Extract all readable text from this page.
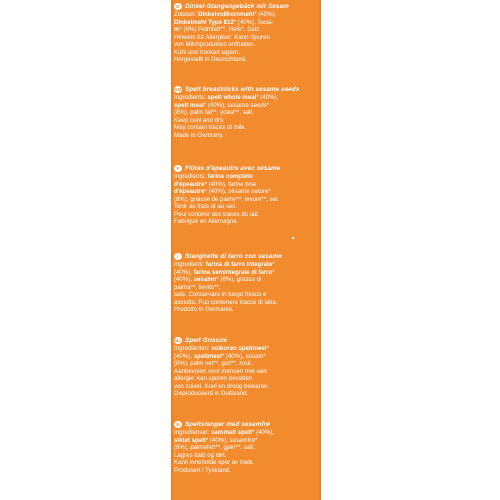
D Dinkel-Stangengebäck mit Sesam
Zutaten: Dinkelvollkornmehl* (40%),
Dinkelmehl Type 812* (40%), Sesa-
m* (8%) Palmfett**, Hefe*, Salz.
Hinweis für Allergiker: Kann Spuren
von Milchprodukten enthalten.
Kühl und trocken lagern.
Hergestellt in Deutschland.
GB Spelt breadsticks with sesame seeds
Ingredients: spelt whole meal* (40%),
spelt meal* (40%), sesame seeds*
(8%), palm fat**, yoast**, salt.
Keep cool and dry.
May contain traces of milk.
Made in Germany.
F Flûtes d'épeautre avec sésame
Ingrédients: farine complète
d'épeautre* (40%), farine bise
d'épeautre* (40%), sésame nature*
(8%), graisse de palme**, levure**, sel.
Tenir au frais et au sec.
Peut contenir des traces du lait.
Fabriqué en Allemagne.
I	Stanghette di farro con sesamo
Ingredienti: farina di farro integrale*
(40%), farina semintegrale di farro*
(40%), sesamo* (8%), grasso di
palma**, lievito**,
sale. Conservare in luogo fresco e
asciutto. Può contenere tracce di latte.
Prodotto in Germania.
NL Spelt Grissini
Ingrediënten: volkoren speltmeel*
(40%), speltmeel* (40%), sesam*
(8%), palm vet**, gist**, zout.
Aanbevolen voor mensen met een
allergie: kan sporen bevatten
van zuivel. Koel en droog bewaren.
Geproduceerd in Duitsland.
N Speltstenger med sesamfrø
Ingredienser: sammalt spelt* (40%),
siktet spelt* (40%), sesamfrø*
(8%), palmefett**, gjær**, salt.
Lagres kald og tørt.
Kann inneholde spor av melk.
Produsert i Tyskland.
